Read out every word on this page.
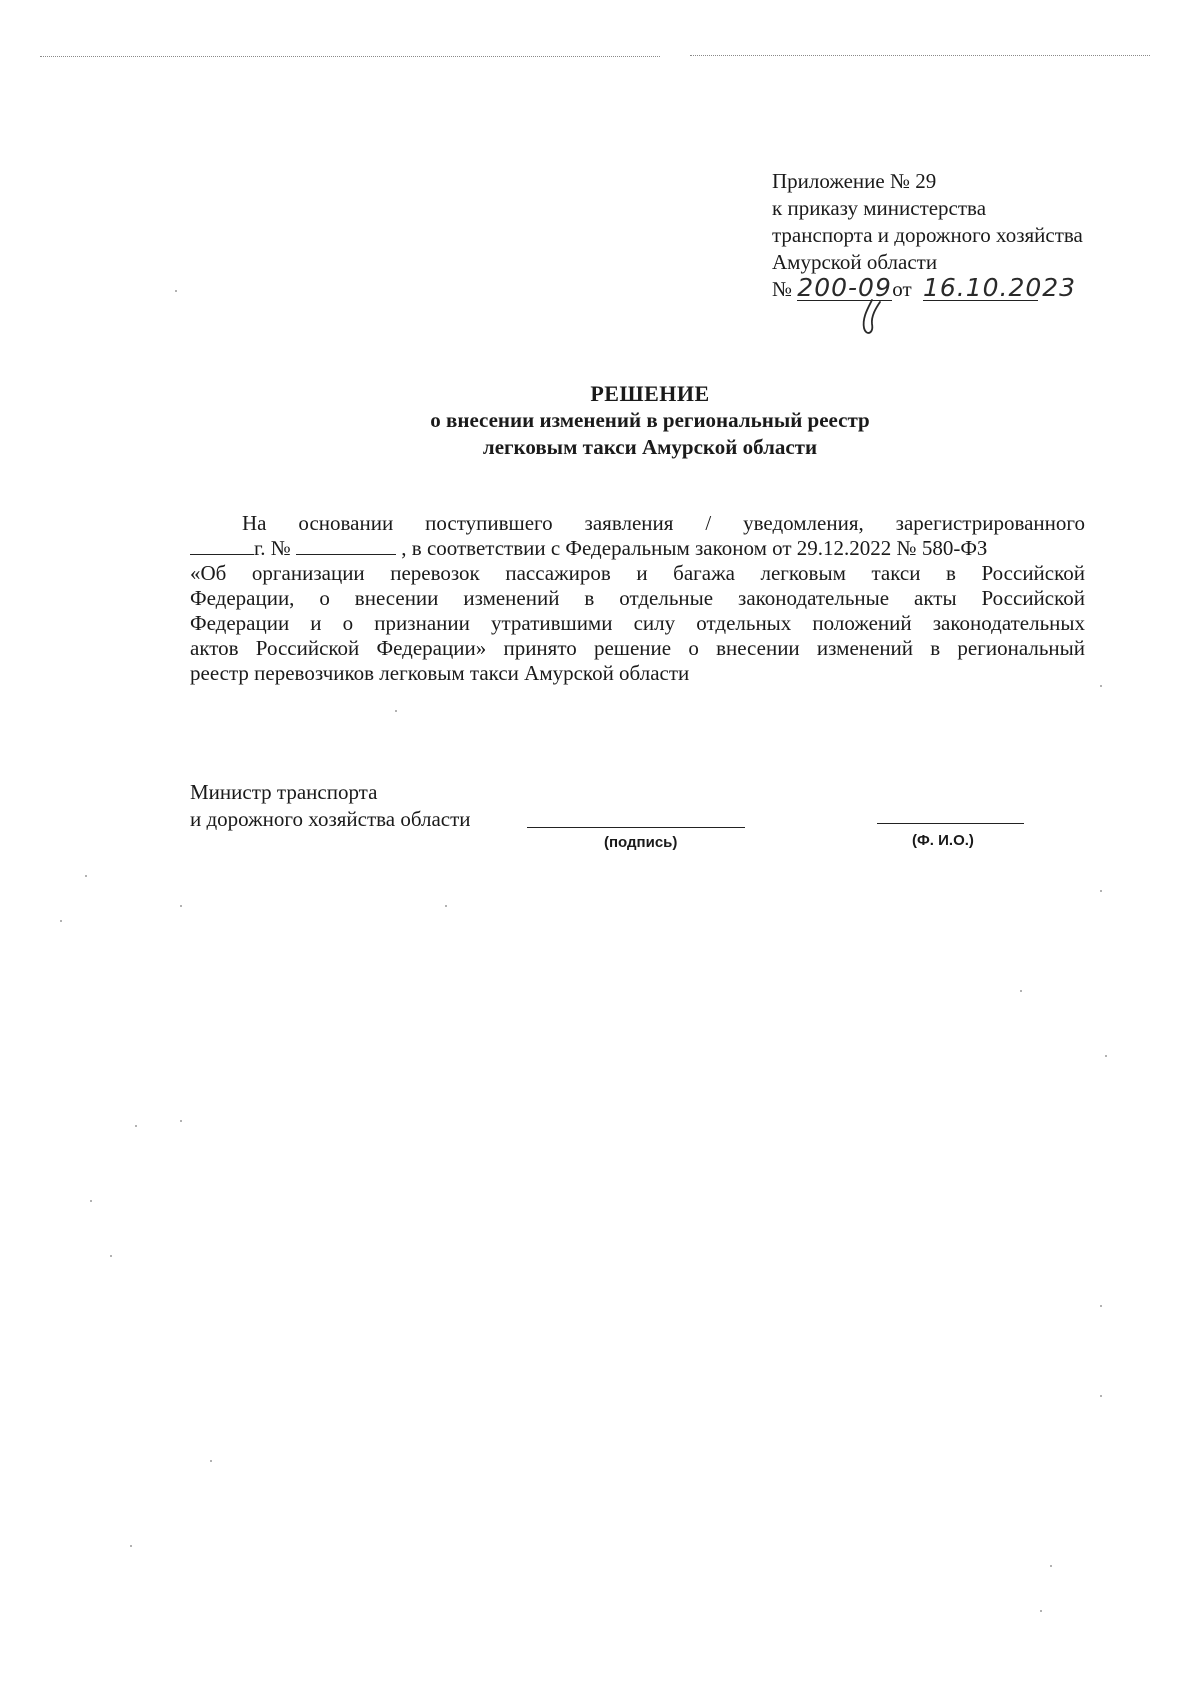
Приложение № 29
к приказу министерства
транспорта и дорожного хозяйства
Амурской области
№ 200-09от 16.10.2023
РЕШЕНИЕ
о внесении изменений в региональный реестр
легковым такси Амурской области
На основании поступившего заявления / уведомления, зарегистрированного
г. №	, в соответствии с Федеральным законом от 29.12.2022 № 580-ФЗ
«Об организации перевозок пассажиров и багажа легковым такси в Российской
Федерации, о внесении изменений в отдельные законодательные акты Российской
Федерации и о признании утратившими силу отдельных положений законодательных
актов Российской Федерации» принято решение о внесении изменений в региональный
реестр перевозчиков легковым такси Амурской области
Министр транспорта
и дорожного хозяйства области
(подпись)	(Ф. И.О.)
